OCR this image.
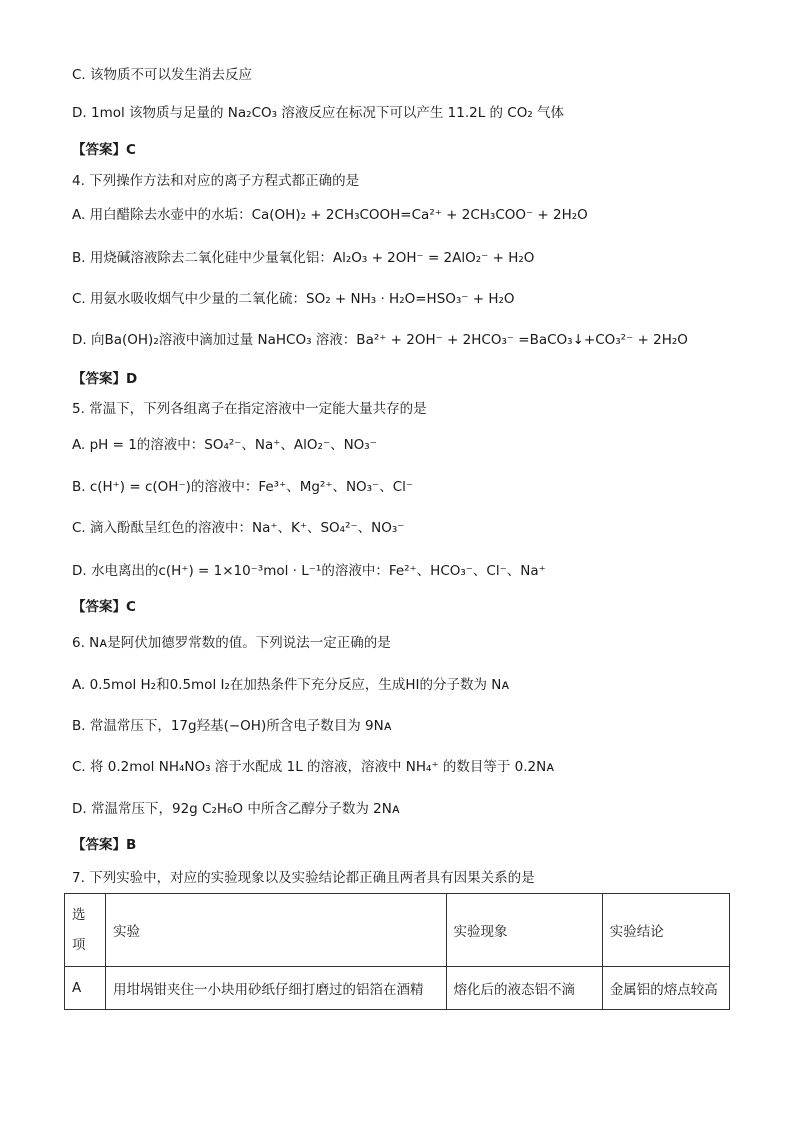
C. 该物质不可以发生消去反应
D. 1mol 该物质与足量的 Na₂CO₃ 溶液反应在标况下可以产生 11.2L 的 CO₂ 气体
【答案】C
4. 下列操作方法和对应的离子方程式都正确的是
A. 用白醋除去水壶中的水垢：Ca(OH)₂ + 2CH₃COOH=Ca²⁺ + 2CH₃COO⁻ + 2H₂O
B. 用烧碱溶液除去二氧化硅中少量氧化铝：Al₂O₃ + 2OH⁻ = 2AlO₂⁻ + H₂O
C. 用氨水吸收烟气中少量的二氧化硫：SO₂ + NH₃ · H₂O=HSO₃⁻ + H₂O
D. 向Ba(OH)₂溶液中滴加过量 NaHCO₃ 溶液：Ba²⁺ + 2OH⁻ + 2HCO₃⁻ =BaCO₃↓+CO₃²⁻ + 2H₂O
【答案】D
5. 常温下，下列各组离子在指定溶液中一定能大量共存的是
A. pH = 1的溶液中：SO₄²⁻、Na⁺、AlO₂⁻、NO₃⁻
B. c(H⁺) = c(OH⁻)的溶液中：Fe³⁺、Mg²⁺、NO₃⁻、Cl⁻
C. 滴入酚酞呈红色的溶液中：Na⁺、K⁺、SO₄²⁻、NO₃⁻
D. 水电离出的c(H⁺) = 1×10⁻³mol · L⁻¹的溶液中：Fe²⁺、HCO₃⁻、Cl⁻、Na⁺
【答案】C
6. Nᴀ是阿伏加德罗常数的值。下列说法一定正确的是
A. 0.5mol H₂和0.5mol I₂在加热条件下充分反应，生成HI的分子数为 Nᴀ
B. 常温常压下，17g羟基(−OH)所含电子数目为 9Nᴀ
C. 将 0.2mol NH₄NO₃ 溶于水配成 1L 的溶液，溶液中 NH₄⁺ 的数目等于 0.2Nᴀ
D. 常温常压下，92g C₂H₆O 中所含乙醇分子数为 2Nᴀ
【答案】B
7. 下列实验中，对应的实验现象以及实验结论都正确且两者具有因果关系的是
选
项	实验	实验现象	实验结论
A	用坩埚钳夹住一小块用砂纸仔细打磨过的铝箔在酒精	熔化后的液态铝不滴	金属铝的熔点较高
